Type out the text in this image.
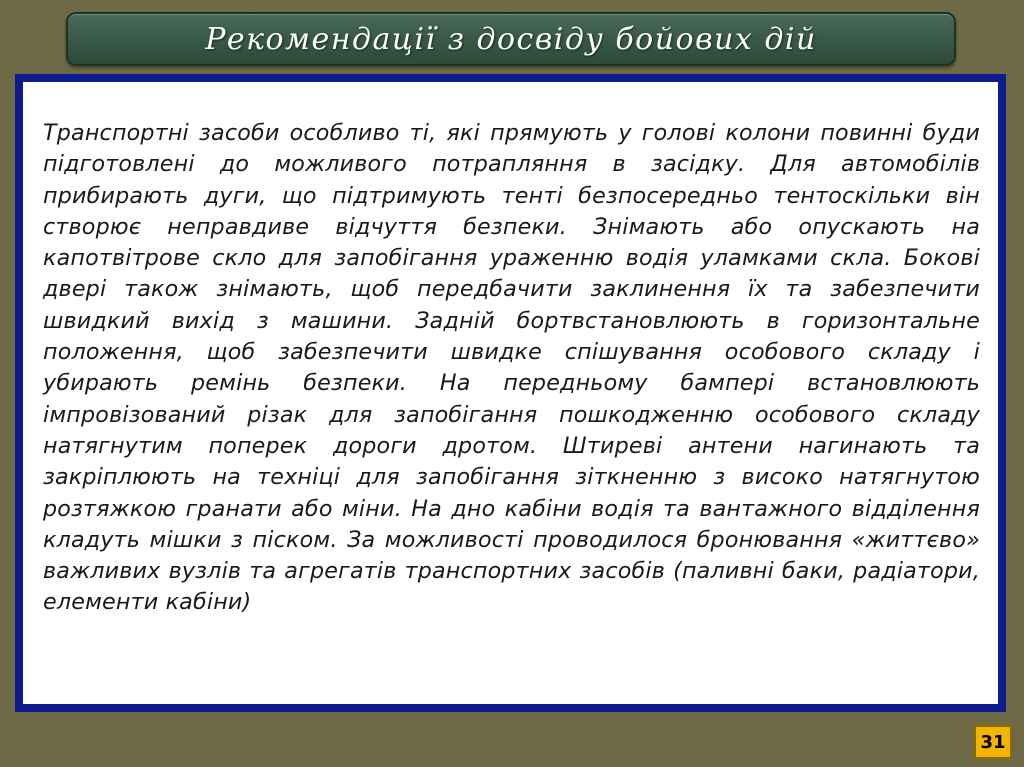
Рекомендації з досвіду бойових дій

Транспортні засоби особливо ті, які прямують у голові колони повинні буди підготовлені до можливого потрапляння в засідку. Для автомобілів прибирають дуги, що підтримують тенті безпосередньо тентоскільки він створює неправдиве відчуття безпеки. Знімають або опускають на капотвітрове скло для запобігання ураженню водія уламками скла. Бокові двері також знімають, щоб передбачити заклинення їх та забезпечити швидкий вихід з машини. Задній бортвстановлюють в горизонтальне положення, щоб забезпечити швидке спішування особового складу і убирають ремінь безпеки. На передньому бампері встановлюють імпровізований різак для запобігання пошкодженню особового складу натягнутим поперек дороги дротом. Штиреві антени нагинають та закріплюють на техніці для запобігання зіткненню з високо натягнутою розтяжкою гранати або міни. На дно кабіни водія та вантажного відділення кладуть мішки з піском. За можливості проводилося бронювання «життєво» важливих вузлів та агрегатів транспортних засобів (паливні баки, радіатори, елементи кабіни)

31
